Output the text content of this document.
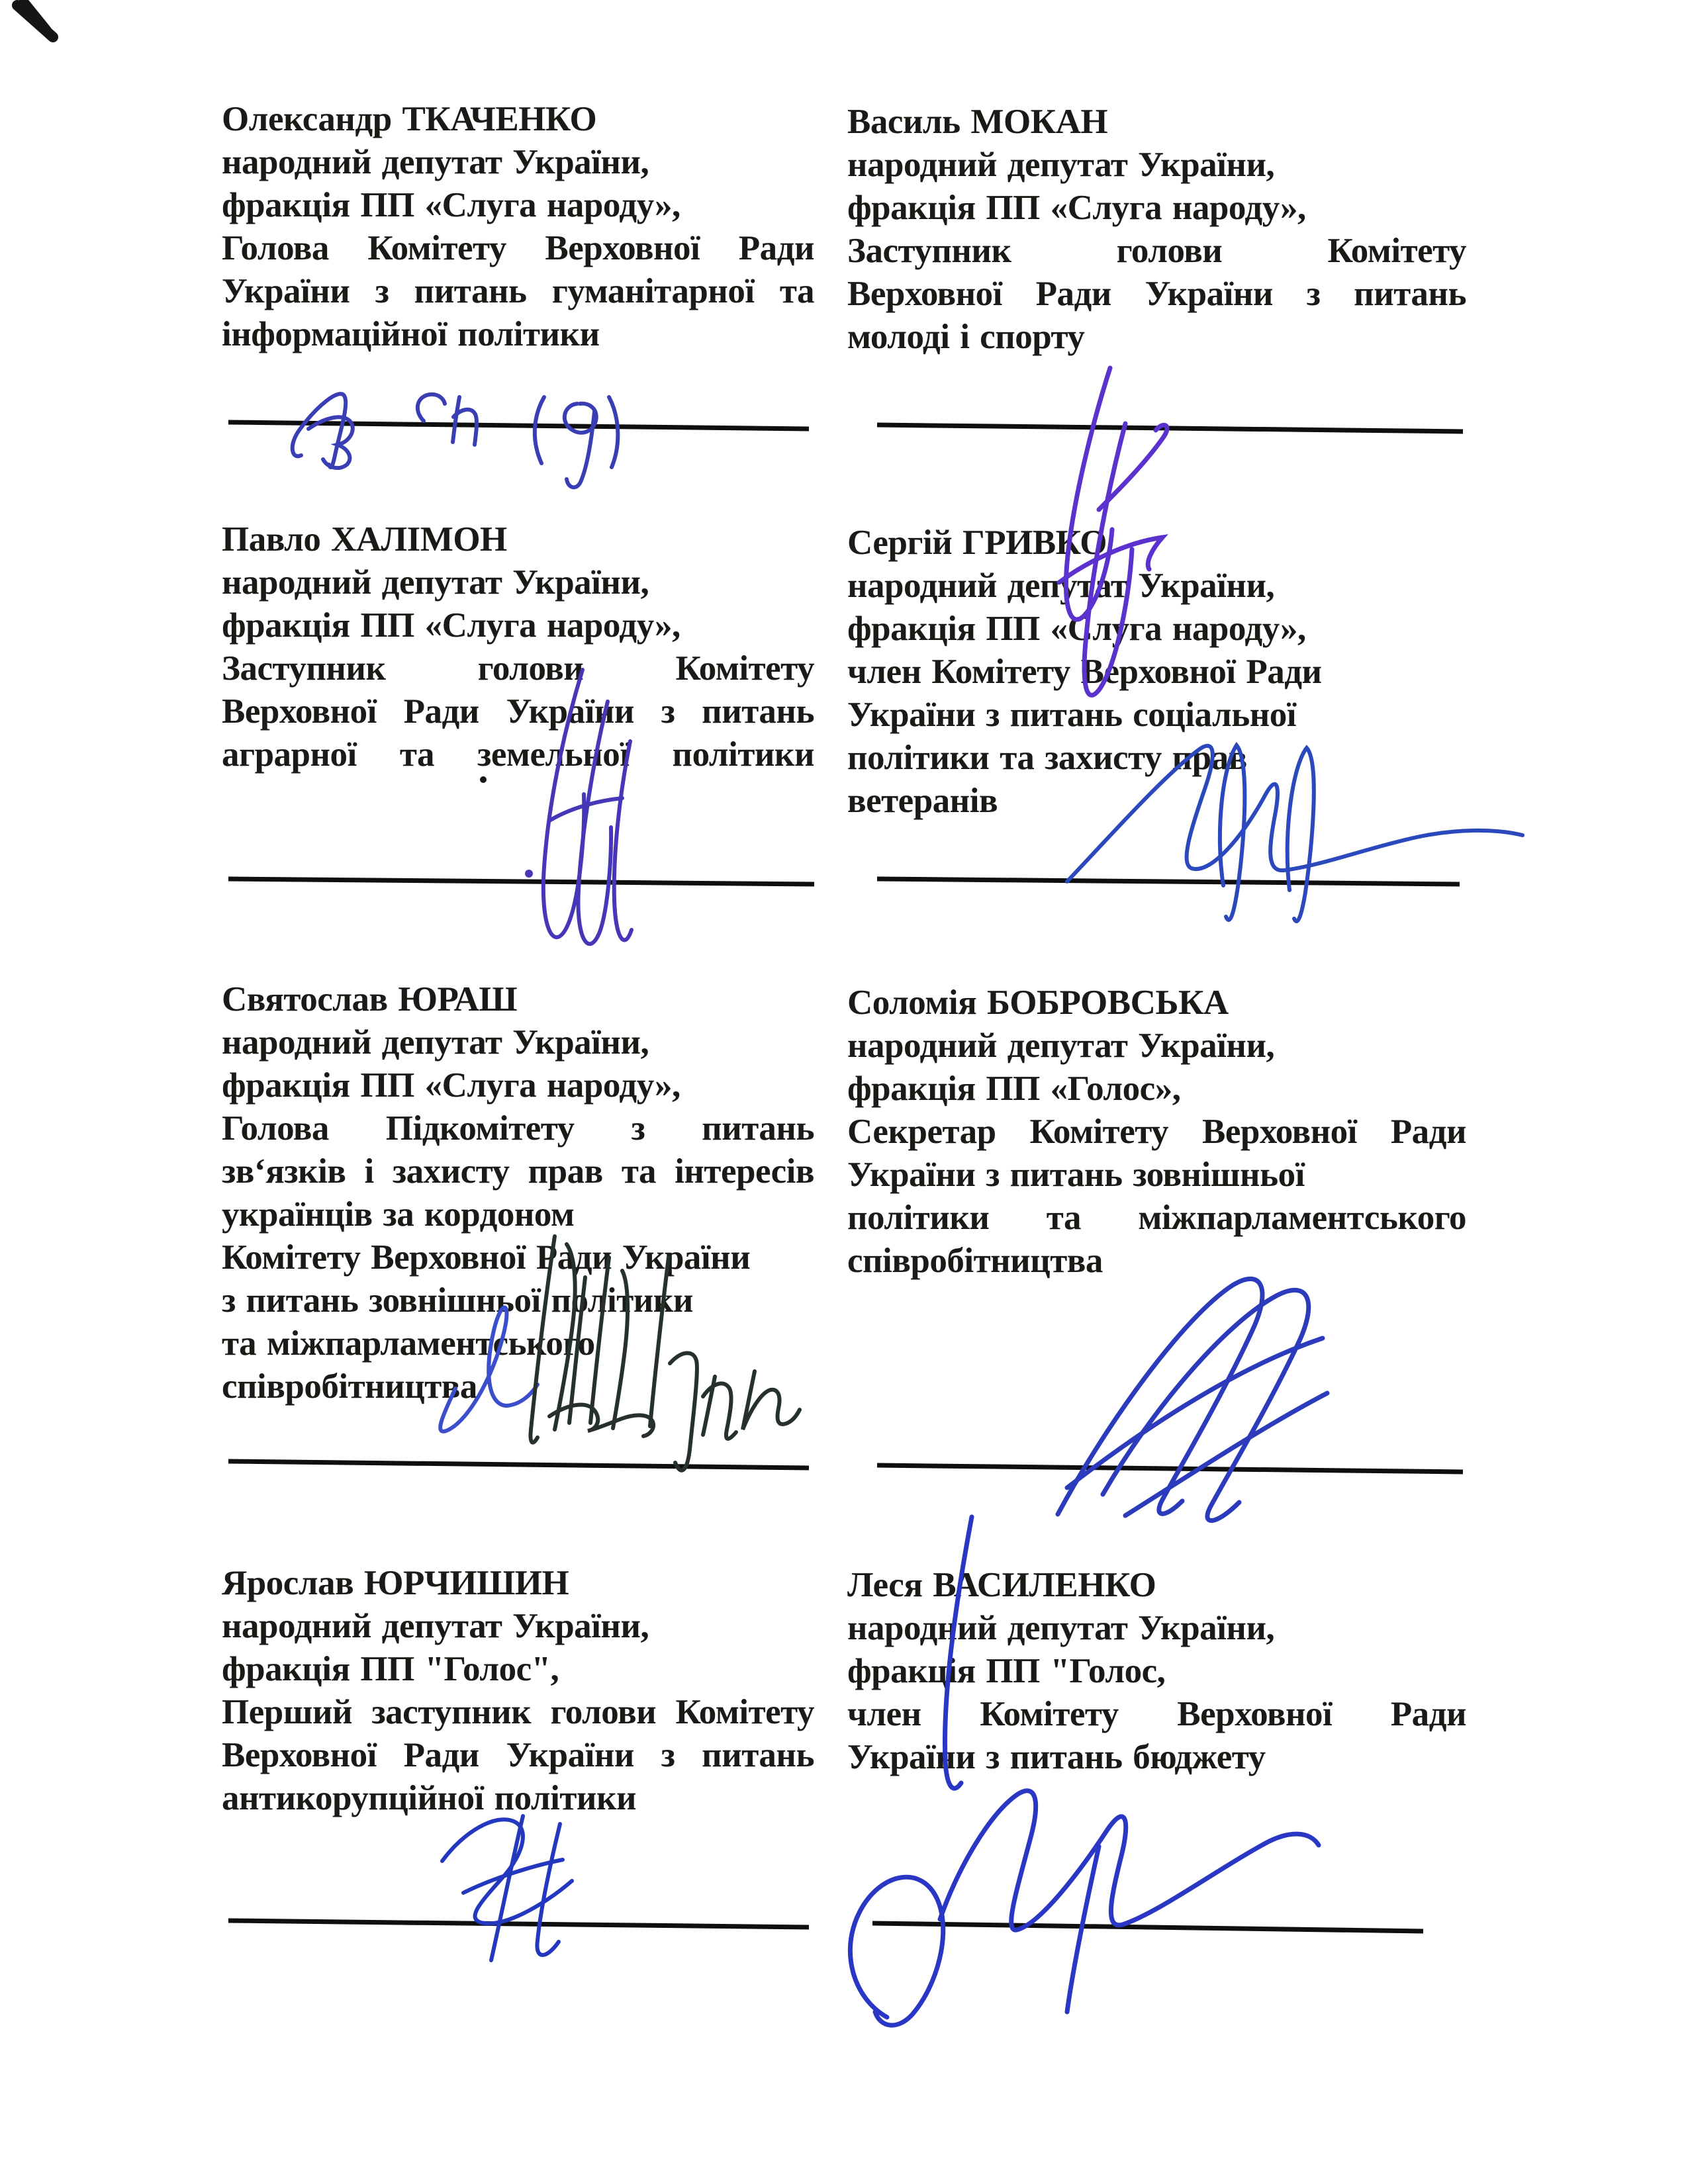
Олександр ТКАЧЕНКО
народний депутат України,
фракція ПП «Слуга народу»,
Голова Комітету Верховної Ради
України з питань гуманітарної та
інформаційної політики
Василь МОКАН
народний депутат України,
фракція ПП «Слуга народу»,
Заступник голови Комітету
Верховної Ради України з питань
молоді і спорту
Павло ХАЛІМОН
народний депутат України,
фракція ПП «Слуга народу»,
Заступник голови Комітету
Верховної Ради України з питань
аграрної та земельної політики
Сергій ГРИВКО
народний депутат України,
фракція ПП «Слуга народу»,
член Комітету Верховної Ради
України з питань соціальної
політики та захисту прав
ветеранів
Святослав ЮРАШ
народний депутат України,
фракція ПП «Слуга народу»,
Голова Підкомітету з питань
зв‘язків і захисту прав та інтересів
українців за кордоном
Комітету Верховної Ради України
з питань зовнішньої політики
та міжпарламентського
співробітництва
Соломія БОБРОВСЬКА
народний депутат України,
фракція ПП «Голос»,
Секретар Комітету Верховної Ради
України з питань зовнішньої
політики та міжпарламентського
співробітництва
Ярослав ЮРЧИШИН
народний депутат України,
фракція ПП "Голос",
Перший заступник голови Комітету
Верховної Ради України з питань
антикорупційної політики
Леся ВАСИЛЕНКО
народний депутат України,
фракція ПП "Голос,
член Комітету Верховної Ради
України з питань бюджету
